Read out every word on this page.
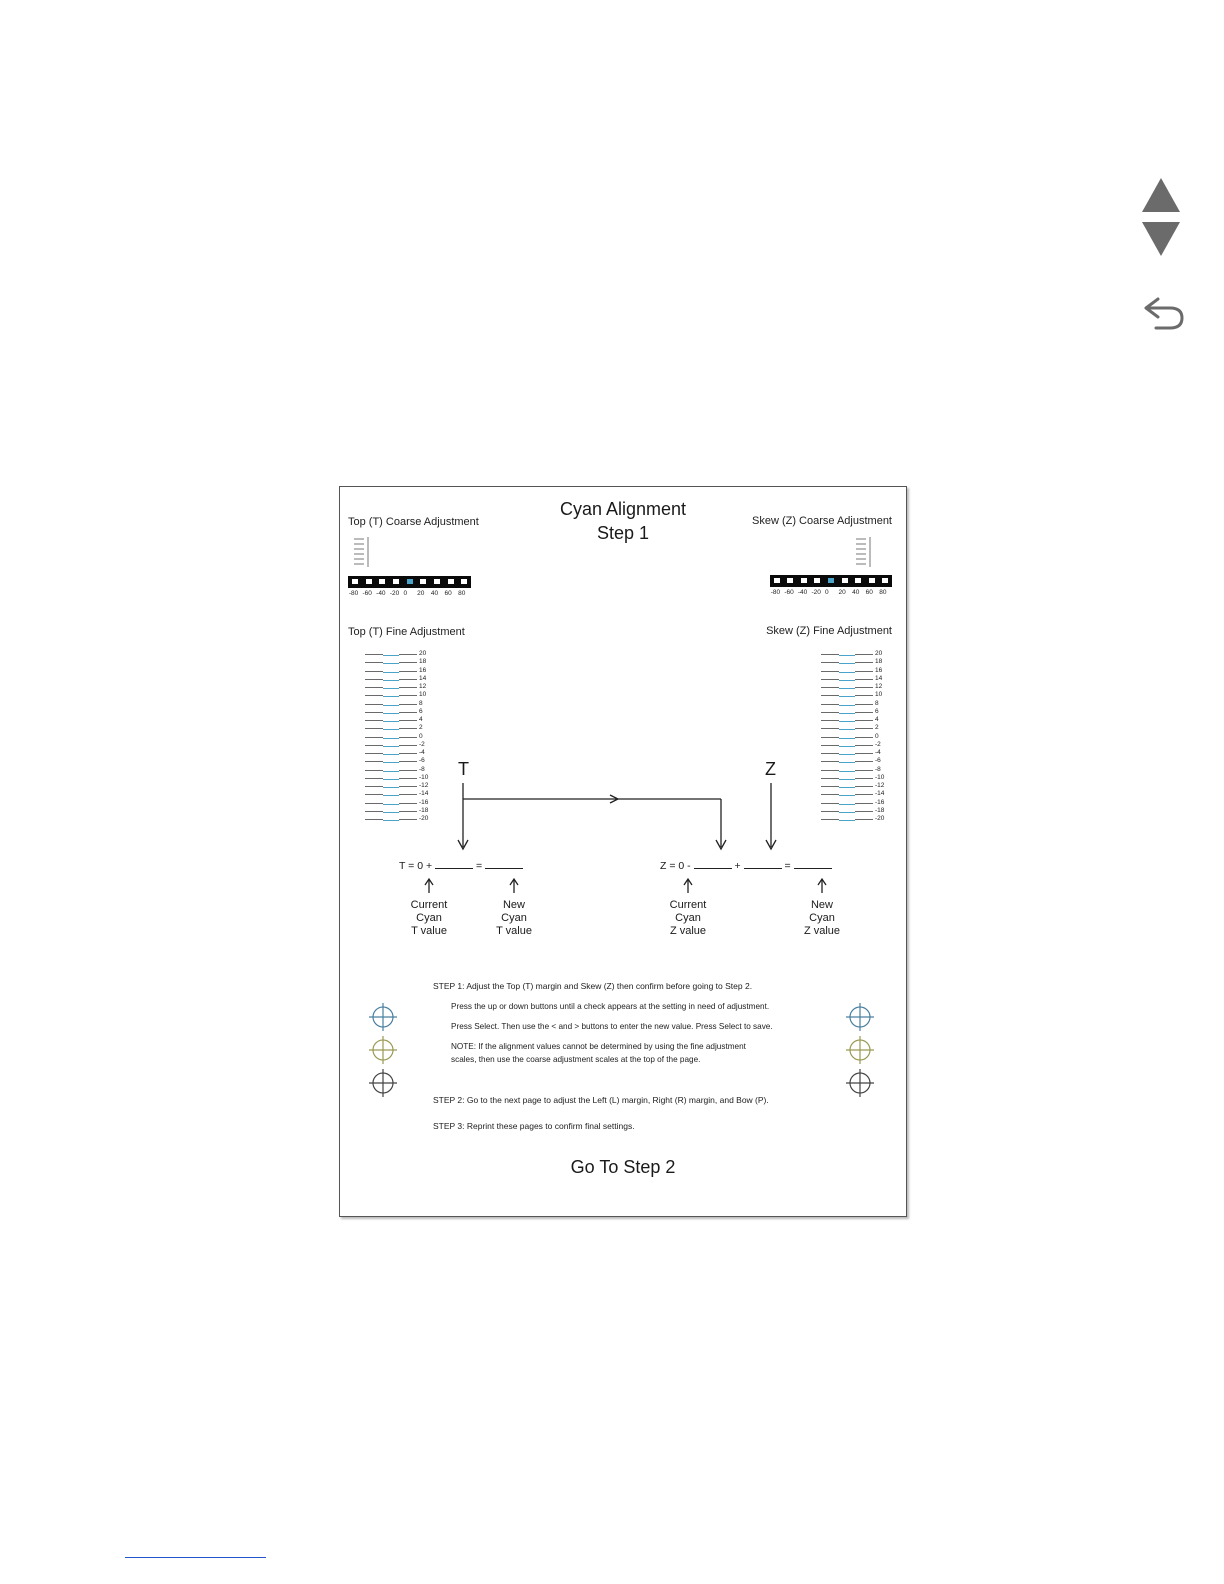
Cyan Alignment
Step 1
Top (T) Coarse Adjustment	Skew (Z) Coarse Adjustment
-80 -60 -40 -20 0 20 40 60 80	-80 -60 -40 -20 0 20 40 60 80
Top (T) Fine Adjustment	Skew (Z) Fine Adjustment
20
18
16
14
12
10
8
6
4
2
0
-2
-4
-6
-8
-10
-12
-14
-16
-18
-20
20
18
16
14
12
10
8
6
4
2
0
-2
-4
-6
-8
-10
-12
-14
-16
-18
-20
T	Z
T = 0 +	=	Z = 0 -	+	=
Current
Cyan
T value
New
Cyan
T value
Current
Cyan
Z value
New
Cyan
Z value
STEP 1: Adjust the Top (T) margin and Skew (Z) then confirm before going to Step 2.
Press the up or down buttons until a check appears at the setting in need of adjustment.
Press Select. Then use the < and > buttons to enter the new value. Press Select to save.
NOTE: If the alignment values cannot be determined by using the fine adjustment
scales, then use the coarse adjustment scales at the top of the page.
STEP 2: Go to the next page to adjust the Left (L) margin, Right (R) margin, and Bow (P).
STEP 3: Reprint these pages to confirm final settings.
Go To Step 2
